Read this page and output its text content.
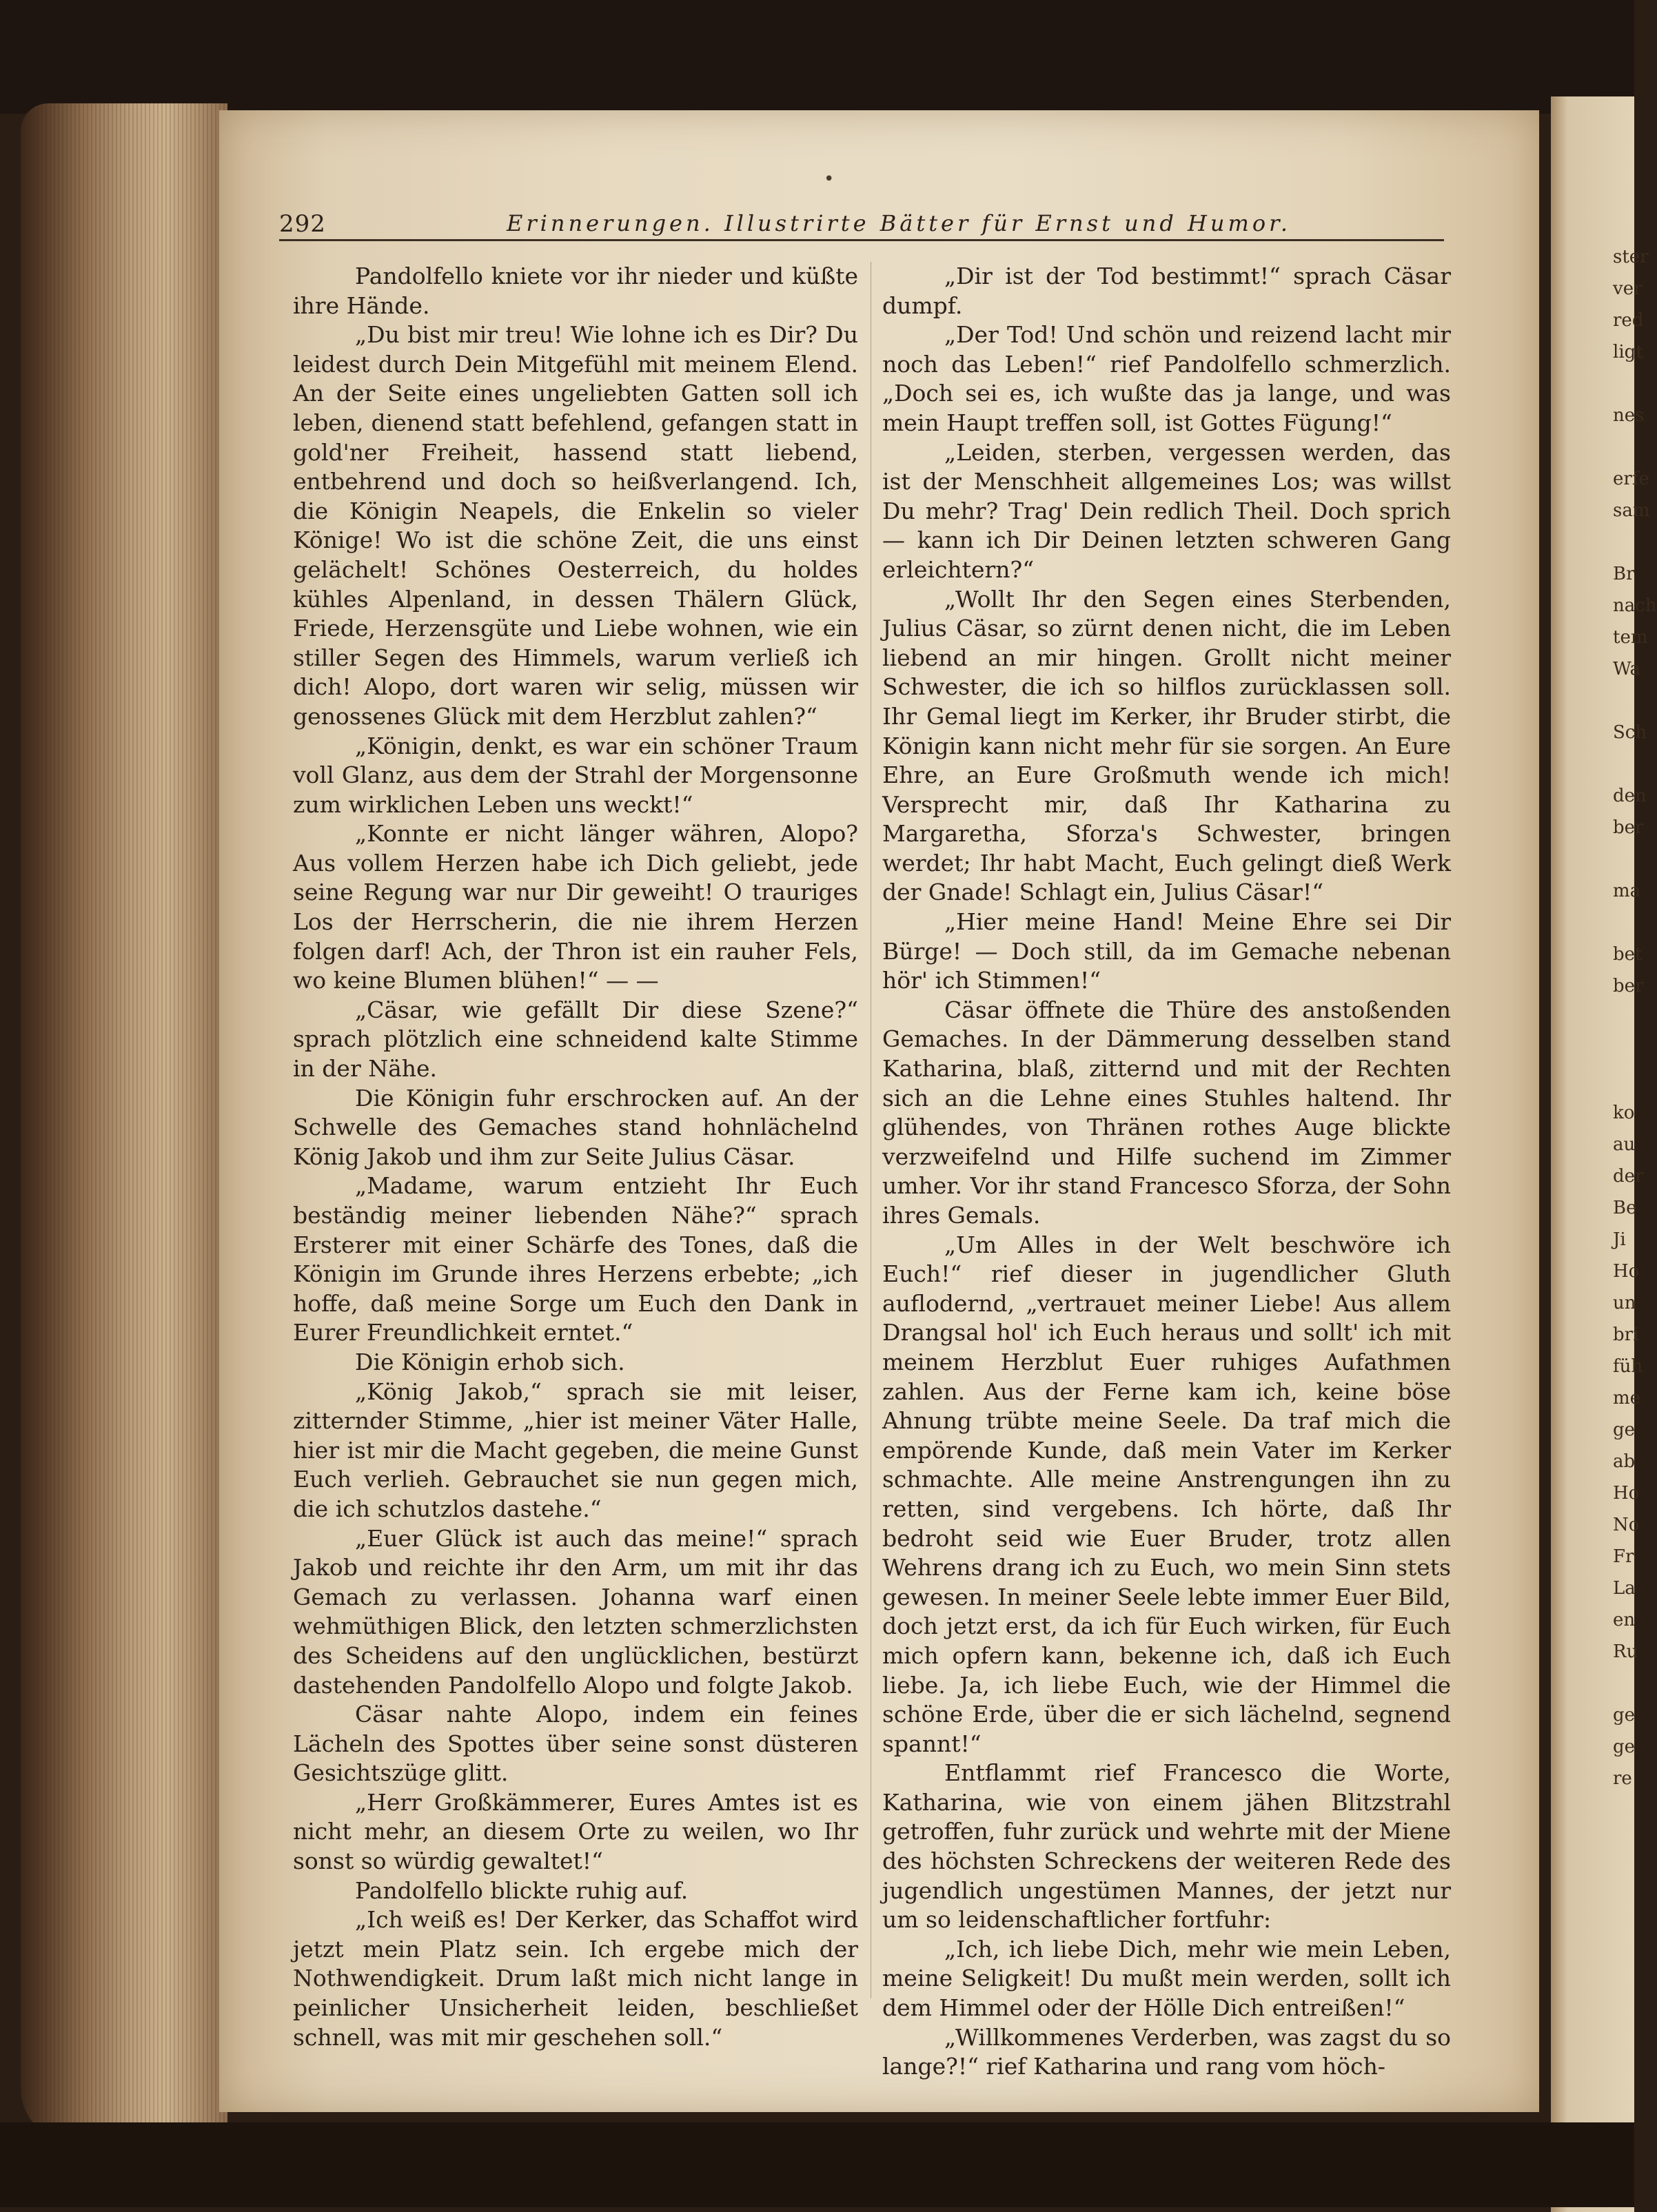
ster
ver
red
ligt

nes

erfe
sam

Br
nach
tem
Wa

Sch

den
ber

ma

bet
ber

ko
au
der
Be
Ji
Ho
un
bri
füh
me
ge
ab
Ho
No
Fr
La
en
Ru

ge
ge
re
•
292	Erinnerungen. Illustrirte Bätter für Ernst und Humor.

Pandolfello kniete vor ihr nieder und küßte ihre Hände.

„Du bist mir treu! Wie lohne ich es Dir? Du leidest durch Dein Mitgefühl mit meinem Elend. An der Seite eines ungeliebten Gatten soll ich leben, dienend statt befehlend, gefangen statt in gold'ner Freiheit, hassend statt liebend, entbehrend und doch so heißverlangend. Ich, die Königin Neapels, die Enkelin so vieler Könige! Wo ist die schöne Zeit, die uns einst gelächelt! Schönes Oesterreich, du holdes kühles Alpenland, in dessen Thälern Glück, Friede, Herzensgüte und Liebe wohnen, wie ein stiller Segen des Himmels, warum verließ ich dich! Alopo, dort waren wir selig, müssen wir genossenes Glück mit dem Herzblut zahlen?“

„Königin, denkt, es war ein schöner Traum voll Glanz, aus dem der Strahl der Morgensonne zum wirklichen Leben uns weckt!“

„Konnte er nicht länger währen, Alopo? Aus vollem Herzen habe ich Dich geliebt, jede seine Regung war nur Dir geweiht! O trauriges Los der Herrscherin, die nie ihrem Herzen folgen darf! Ach, der Thron ist ein rauher Fels, wo keine Blumen blühen!“ — —

„Cäsar, wie gefällt Dir diese Szene?“ sprach plötzlich eine schneidend kalte Stimme in der Nähe.

Die Königin fuhr erschrocken auf. An der Schwelle des Gemaches stand hohnlächelnd König Jakob und ihm zur Seite Julius Cäsar.

„Madame, warum entzieht Ihr Euch beständig meiner liebenden Nähe?“ sprach Ersterer mit einer Schärfe des Tones, daß die Königin im Grunde ihres Herzens erbebte; „ich hoffe, daß meine Sorge um Euch den Dank in Eurer Freundlichkeit erntet.“

Die Königin erhob sich.

„König Jakob,“ sprach sie mit leiser, zitternder Stimme, „hier ist meiner Väter Halle, hier ist mir die Macht gegeben, die meine Gunst Euch verlieh. Gebrauchet sie nun gegen mich, die ich schutzlos dastehe.“

„Euer Glück ist auch das meine!“ sprach Jakob und reichte ihr den Arm, um mit ihr das Gemach zu verlassen. Johanna warf einen wehmüthigen Blick, den letzten schmerzlichsten des Scheidens auf den unglücklichen, bestürzt dastehenden Pandolfello Alopo und folgte Jakob.

Cäsar nahte Alopo, indem ein feines Lächeln des Spottes über seine sonst düsteren Gesichtszüge glitt.

„Herr Großkämmerer, Eures Amtes ist es nicht mehr, an diesem Orte zu weilen, wo Ihr sonst so würdig gewaltet!“

Pandolfello blickte ruhig auf.

„Ich weiß es! Der Kerker, das Schaffot wird jetzt mein Platz sein. Ich ergebe mich der Nothwendigkeit. Drum laßt mich nicht lange in peinlicher Unsicherheit leiden, beschließet schnell, was mit mir geschehen soll.“

„Dir ist der Tod bestimmt!“ sprach Cäsar dumpf.

„Der Tod! Und schön und reizend lacht mir noch das Leben!“ rief Pandolfello schmerzlich. „Doch sei es, ich wußte das ja lange, und was mein Haupt treffen soll, ist Gottes Fügung!“

„Leiden, sterben, vergessen werden, das ist der Menschheit allgemeines Los; was willst Du mehr? Trag' Dein redlich Theil. Doch sprich — kann ich Dir Deinen letzten schweren Gang erleichtern?“

„Wollt Ihr den Segen eines Sterbenden, Julius Cäsar, so zürnt denen nicht, die im Leben liebend an mir hingen. Grollt nicht meiner Schwester, die ich so hilflos zurücklassen soll. Ihr Gemal liegt im Kerker, ihr Bruder stirbt, die Königin kann nicht mehr für sie sorgen. An Eure Ehre, an Eure Großmuth wende ich mich! Versprecht mir, daß Ihr Katharina zu Margaretha, Sforza's Schwester, bringen werdet; Ihr habt Macht, Euch gelingt dieß Werk der Gnade! Schlagt ein, Julius Cäsar!“

„Hier meine Hand! Meine Ehre sei Dir Bürge! — Doch still, da im Gemache nebenan hör' ich Stimmen!“

Cäsar öffnete die Thüre des anstoßenden Gemaches. In der Dämmerung desselben stand Katharina, blaß, zitternd und mit der Rechten sich an die Lehne eines Stuhles haltend. Ihr glühendes, von Thränen rothes Auge blickte verzweifelnd und Hilfe suchend im Zimmer umher. Vor ihr stand Francesco Sforza, der Sohn ihres Gemals.

„Um Alles in der Welt beschwöre ich Euch!“ rief dieser in jugendlicher Gluth auflodernd, „vertrauet meiner Liebe! Aus allem Drangsal hol' ich Euch heraus und sollt' ich mit meinem Herzblut Euer ruhiges Aufathmen zahlen. Aus der Ferne kam ich, keine böse Ahnung trübte meine Seele. Da traf mich die empörende Kunde, daß mein Vater im Kerker schmachte. Alle meine Anstrengungen ihn zu retten, sind vergebens. Ich hörte, daß Ihr bedroht seid wie Euer Bruder, trotz allen Wehrens drang ich zu Euch, wo mein Sinn stets gewesen. In meiner Seele lebte immer Euer Bild, doch jetzt erst, da ich für Euch wirken, für Euch mich opfern kann, bekenne ich, daß ich Euch liebe. Ja, ich liebe Euch, wie der Himmel die schöne Erde, über die er sich lächelnd, segnend spannt!“

Entflammt rief Francesco die Worte, Katharina, wie von einem jähen Blitzstrahl getroffen, fuhr zurück und wehrte mit der Miene des höchsten Schreckens der weiteren Rede des jugendlich ungestümen Mannes, der jetzt nur um so leidenschaftlicher fortfuhr:

„Ich, ich liebe Dich, mehr wie mein Leben, meine Seligkeit! Du mußt mein werden, sollt ich dem Himmel oder der Hölle Dich entreißen!“

„Willkommenes Verderben, was zagst du so lange?!“ rief Katharina und rang vom höch-
